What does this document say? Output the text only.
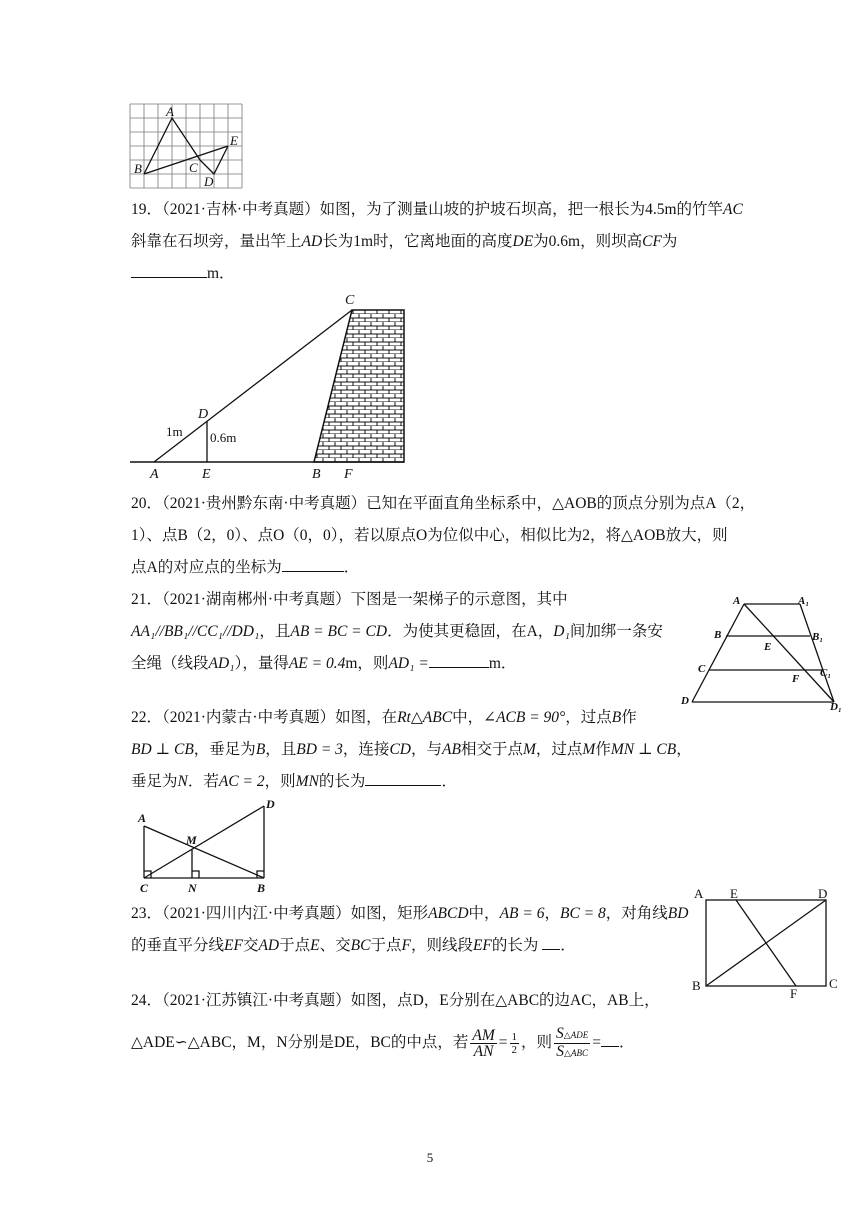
A
B	C
D
E

19．（2021·吉林·中考真题）如图，为了测量山坡的护坡石坝高，把一根长为4.5m的竹竿AC

斜靠在石坝旁，量出竿上AD长为1m时，它离地面的高度DE为0.6m，则坝高CF为

m．

C
D
A	E	B F
1m 0.6m

20．（2021·贵州黔东南·中考真题）已知在平面直角坐标系中，△AOB的顶点分别为点A（2，

1）、点B（2，0）、点O（0，0），若以原点O为位似中心，相似比为2，将△AOB放大，则

点A的对应点的坐标为	．

21．（2021·湖南郴州·中考真题）下图是一架梯子的示意图，其中

AA₁//BB₁//CC₁//DD₁，且AB = BC = CD．为使其更稳固，在A，D₁间加绑一条安

全绳（线段AD₁），量得AE = 0.4m，则AD₁ =	m．

A	A₁
B	B₁
E
C
F C₁
D	D₁

22．（2021·内蒙古·中考真题）如图，在Rt△ABC中，∠ACB = 90°，过点B作

BD ⊥ CB，垂足为B，且BD = 3，连接CD，与AB相交于点M，过点M作MN ⊥ CB，

垂足为N．若AC = 2，则MN的长为	．

A
M
D
C	N	B

23．（2021·四川内江·中考真题）如图，矩形ABCD中，AB = 6，BC = 8，对角线BD

的垂直平分线EF交AD于点E、交BC于点F，则线段EF的长为 ．

A E	D
B
F
C

24．（2021·江苏镇江·中考真题）如图，点D，E分别在△ABC的边AC，AB上，

△ADE∽△ABC，M，N分别是DE，BC的中点，若 $\frac{AM}{AN} = \frac{1}{2}$ ，则 $\frac{\text{S△ADE}}{\text{S△ABC}}$ = ．

5
